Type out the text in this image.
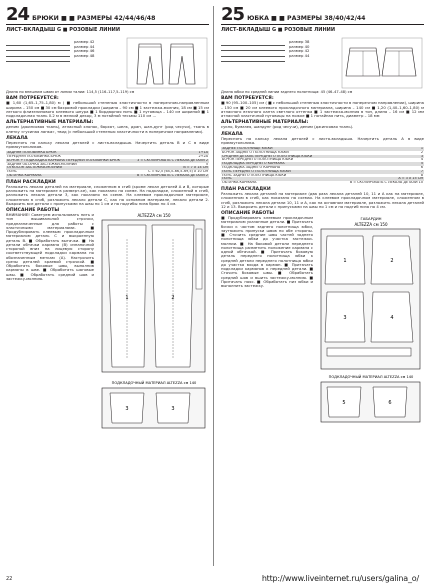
24 БРЮКИ ■ ■ РАЗМЕРЫ 42/44/46/48
ЛИСТ-ВКЛАДЫШ G ■ РОЗОВЫЕ ЛИНИИ
размер 42
размер 44
размер 46
размер 48
Длина по внешним швам от линии талии: 114,5 (116–117,5–119) см
ВАМ ПОТРЕБУЕТСЯ:
■ 1,60 (1,65–1,75–1,80) м ( ■ небольшой степенью эластичности в поперечном-направленным ширина – 150 см ■ 30 см бахромой прокладки (ширина – 90 см ■ 1 застежка-молния, 18 см ■ 15 см легкого флизелинового клеевого шнура ■ 1 бордюрная нить ■ 1 пуговица – 140 см шириной ■ 1 подкладочная ткань 0.2 м в мелкий декор, 3 м потайной тесьмы 110 см …
АЛЬТЕРНАТИВНЫЕ МАТЕРИАЛЫ:
деним (джинсовая ткань), атласный хлопок, бархат, шелк, драп, шан-дунг (род чесучи), ткань в клетку «гусиная лапка», твид (с небольшой степенью эластичности в поперечном направлении).
ЛЕКАЛА
Переснять на кальку лекала деталей с листа-вкладыша. Начертить деталь В и С в виде прямоугольников.
ЗАДНЯЯ ПОЛОВИНКА БРЮК	1+1А
ПЕРЕДНЯЯ ПОЛОВИНКА БРЮК	2+2А
БОЧОК + ПОДКЛАДКА КАРМАНА ПЕРЕДНЕЙ ПОЛОВИНКИ БРЮК	3 = СКОПИРОВАТЬ С ЛЕКАЛА ДЕТАЛИ 2
ЗАДНЯЯ ОБТАЧКА ЗАСТЕЖКИ-МОЛНИИ	5
ОТКОСОК ЗАСТЕЖКИ-МОЛНИИ	В = 7 Х 14 СМ
ПОЯС	С = 62,5 (64,5–66,5–69,5) Х 10 СМ
ОБТАЧКА КАРМАНА	В = СКОПИРОВАТЬ С ЛЕКАЛА ДЕТАЛИ 2
ПЛАН РАСКЛАДКИ
Разложить лекала деталей на материале, сложенном в сгиб (кроме лекал деталей А и В, которые разложить на материале в разверт-ке), как показано на схеме. На подкладке, сложенной в сгиб, разложить лекала детали 3, как показано на схеме. На клеевом прокладочном материале, сложенном в сгиб, разложить лекало детали С, как на основном материале, лекало детали 2. Выкроить все детали с припусками на швы по 1 см и на подгибы низа брюк по 4 см.
ОПИСАНИЕ РАБОТЫ
ВНИМАНИЕ! Советуем использовать нить и тип вышивальной строчки, предназначенные для работы с эластичными материалами. ■ Продублировать клеевым прокладочным материалом деталь С и выкроенную деталь В. ■ Обработать вытачки. ■ На детали обтачки кармана (В) изнаночной стороной вниз на лицевую сторону соответствующей подкладки кармана по обозначенным меткам (А). Настрочить срезы деталей краевой строчкой. ■ Обработать боковые швы, выполнив карманы в шве. ■ Обработать шаговые швы. ■ Обработать средний шов и застежку-молнию.
ALTEZZA см 150
1	2
ПОДКЛАДОЧНЫЙ МАТЕРИАЛ ALTEZZA см 140
3	3
25 ЮБКА ■ ■ РАЗМЕРЫ 38/40/42/44
ЛИСТ-ВКЛАДЫШ G ■ РОЗОВЫЕ ЛИНИИ
размер 38
размер 40
размер 42
размер 44
Длина юбки по средней линии заднего полотнища: 45 (46–47–48) см
ВАМ ПОТРЕБУЕТСЯ:
■ 90 (95–100–105) см ( ■ с небольшой степенью эластичности в поперечном направлении), ширина – 150 см ■ 20 см клеевого прокладочного материала, ширина – 140 см ■ 1,20 (1,40–1,60–1,80) м атласного втачного канта светлого оттенка ■ 1 застежка-молния в тон, длина – 16 см ■ 12 мм атласной эластичной пуговицы на ножке ■ 1 потайная нить, диаметр – 18 мм
АЛЬТЕРНАТИВНЫЕ МАТЕРИАЛЫ:
сукно, бумазея, шандунг (род чесучи), деним (джинсовая ткань).
ЛЕКАЛА
Переснять на кальку лекала деталей с листа-вкладыша. Начертить деталь А в виде прямоугольника.
ЗАДНЕЕ ПОЛОТНИЩЕ ЮБКИ	1
БОЧОК ЗАДНЕГО ПОЛОТНИЩА ЮБКИ	2
СРЕДНЯЯ ДЕТАЛЬ ПЕРЕДНЕГО ПОЛОТНИЩА ЮБКИ	3
БОЧОК ПЕРЕДНЕГО ПОЛОТНИЩА ЮБКИ	4
ПОДКЛАДКА ПЕРЕДНЕГО КАРМАНА	5
ПОДКЛАДКА ЗАДНЕГО КАРМАНА	6
ПОЯС ПЕРЕДНЕГО ПОЛОТНИЩА ЮБКИ	7
ПОЯС ЗАДНЕГО ПОЛОТНИЩА ЮБКИ	8
ПОЯС	А = 3 Х 15 СМ
ОБТАЧКА КАРМАНА	В = СКОПИРОВАТЬ С ЛЕКАЛА ДЕТАЛИ 10
ПЛАН РАСКЛАДКИ
Разложить лекала деталей на материале (два раза лекала деталей 10, 11 и А как на материале, сложенном в сгиб, как показано на схемах. На клеевом прокладочном материале, сложенном в сгиб, разложить лекала детали 10, 11 и А, как на основном материале, разложить лекала деталей 12 и 13. Выкроить детали с припусками на швы по 1 см и на подгиб низа по 4 см.
ОПИСАНИЕ РАБОТЫ
■ Продублировать клеевым прокладочным материалом указанные детали. ■ Притачать бочки к частям заднего полотнища юбки, заутюжить припуски швов по обе стороны. ■ Сточить средние швы частей заднего полотнища юбки до участка застежки-молнии. ■ На боковой детали переднего полотнища разметить положение кармана с одной обтачкой. ■ Притачать боковую деталь переднего полотнища юбки к средней детали переднего полотнища юбки до участка входа в карман. ■ Притачать подкладки карманов к передней детали. ■ Сточить боковые швы. ■ Обработать средний шов и вшить застежку-молнию. ■ Притачать пояс. ■ Обработать низ юбки и выполнить застежку.
ГАБАРДИН
ALTEZZA см 150
1	2
3	4
ПОДКЛАДОЧНЫЙ МАТЕРИАЛ ALTEZZA см 140
5	6
22	http://www.liveinternet.ru/users/galina_o/
